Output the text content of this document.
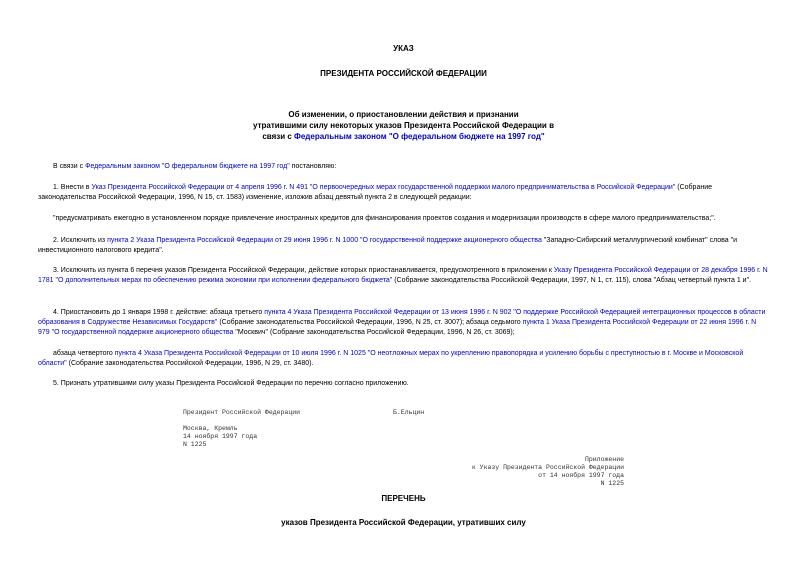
УКАЗ
ПРЕЗИДЕНТА РОССИЙСКОЙ ФЕДЕРАЦИИ
Об изменении, о приостановлении действия и признании
утратившими силу некоторых указов Президента Российской Федерации в
связи с Федеральным законом "О федеральном бюджете на 1997 год"
В связи с Федеральным законом "О федеральном бюджете на 1997 год" постановляю:
1. Внести в Указ Президента Российской Федерации от 4 апреля 1996 г. N 491 "О первоочередных мерах государственной поддержки малого предпринимательства в Российской Федерации" (Собрание законодательства Российской Федерации, 1996, N 15, ст. 1583) изменение, изложив абзац девятый пункта 2 в следующей редакции:
"предусматривать ежегодно в установленном порядке привлечение иностранных кредитов для финансирования проектов создания и модернизации производств в сфере малого предпринимательства;".
2. Исключить из пункта 2 Указа Президента Российской Федерации от 29 июня 1996 г. N 1000 "О государственной поддержке акционерного общества "Западно-Сибирский металлургический комбинат" слова "и инвестиционного налогового кредита".
3. Исключить из пункта 6 перечня указов Президента Российской Федерации, действие которых приостанавливается, предусмотренного в приложении к Указу Президента Российской Федерации от 28 декабря 1996 г. N 1781 "О дополнительных мерах по обеспечению режима экономии при исполнении федерального бюджета" (Собрание законодательства Российской Федерации, 1997, N 1, ст. 115), слова "Абзац четвертый пункта 1 и".
4. Приостановить до 1 января 1998 г. действие: абзаца третьего пункта 4 Указа Президента Российской Федерации от 13 июня 1996 г. N 902 "О поддержке Российской Федерацией интеграционных процессов в области образования в Содружестве Независимых Государств" (Собрание законодательства Российской Федерации, 1996, N 25, ст. 3007); абзаца седьмого пункта 1 Указа Президента Российской Федерации от 22 июня 1996 г. N 979 "О государственной поддержке акционерного общества "Москвич" (Собрание законодательства Российской Федерации, 1996, N 26, ст. 3069);
абзаца четвертого пункта 4 Указа Президента Российской Федерации от 10 июля 1996 г. N 1025 "О неотложных мерах по укреплению правопорядка и усилению борьбы с преступностью в г. Москве и Московской области" (Собрание законодательства Российской Федерации, 1996, N 29, ст. 3480).
5. Признать утратившими силу указы Президента Российской Федерации по перечню согласно приложению.
Президент Российской Федерации	Б.Ельцин
Москва, Кремль
14 ноября 1997 года
N 1225
Приложение
к Указу Президента Российской Федерации
от 14 ноября 1997 года
N 1225
ПЕРЕЧЕНЬ
указов Президента Российской Федерации, утративших силу
